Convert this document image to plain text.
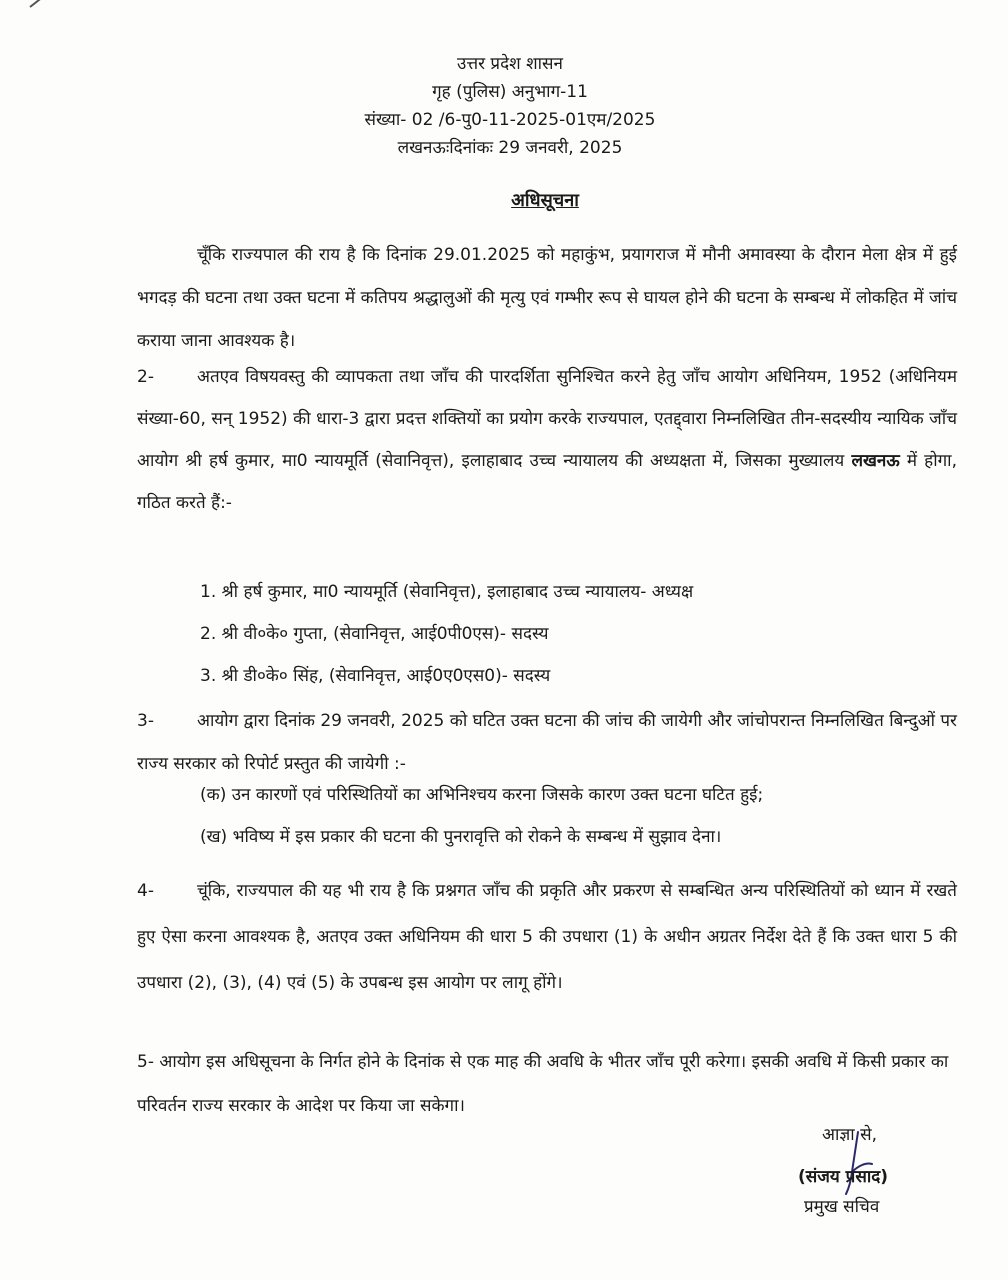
उत्तर प्रदेश शासन
गृह (पुलिस) अनुभाग-11
संख्या- 02 /6-पु0-11-2025-01एम/2025
लखनऊःदिनांकः 29 जनवरी, 2025
अधिसूचना
चूँकि राज्यपाल की राय है कि दिनांक 29.01.2025 को महाकुंभ, प्रयागराज में मौनी अमावस्या के दौरान मेला क्षेत्र में हुई भगदड़ की घटना तथा उक्त घटना में कतिपय श्रद्धालुओं की मृत्यु एवं गम्भीर रूप से घायल होने की घटना के सम्बन्ध में लोकहित में जांच कराया जाना आवश्यक है।
2-	अतएव विषयवस्तु की व्यापकता तथा जाँच की पारदर्शिता सुनिश्चित करने हेतु जाँच आयोग अधिनियम, 1952 (अधिनियम संख्या-60, सन् 1952) की धारा-3 द्वारा प्रदत्त शक्तियों का प्रयोग करके राज्यपाल, एतद्द्वारा निम्नलिखित तीन-सदस्यीय न्यायिक जाँच आयोग श्री हर्ष कुमार, मा0 न्यायमूर्ति (सेवानिवृत्त), इलाहाबाद उच्च न्यायालय की अध्यक्षता में, जिसका मुख्यालय लखनऊ में होगा, गठित करते हैं:-
1. श्री हर्ष कुमार, मा0 न्यायमूर्ति (सेवानिवृत्त), इलाहाबाद उच्च न्यायालय- अध्यक्ष
2. श्री वी०के० गुप्ता, (सेवानिवृत्त, आई0पी0एस)- सदस्य
3. श्री डी०के० सिंह, (सेवानिवृत्त, आई0ए0एस0)- सदस्य
3-	आयोग द्वारा दिनांक 29 जनवरी, 2025 को घटित उक्त घटना की जांच की जायेगी और जांचोपरान्त निम्नलिखित बिन्दुओं पर राज्य सरकार को रिपोर्ट प्रस्तुत की जायेगी :-
(क) उन कारणों एवं परिस्थितियों का अभिनिश्चय करना जिसके कारण उक्त घटना घटित हुई;
(ख) भविष्य में इस प्रकार की घटना की पुनरावृत्ति को रोकने के सम्बन्ध में सुझाव देना।
4-	चूंकि, राज्यपाल की यह भी राय है कि प्रश्नगत जाँच की प्रकृति और प्रकरण से सम्बन्धित अन्य परिस्थितियों को ध्यान में रखते हुए ऐसा करना आवश्यक है, अतएव उक्त अधिनियम की धारा 5 की उपधारा (1) के अधीन अग्रतर निर्देश देते हैं कि उक्त धारा 5 की उपधारा (2), (3), (4) एवं (5) के उपबन्ध इस आयोग पर लागू होंगे।
5- आयोग इस अधिसूचना के निर्गत होने के दिनांक से एक माह की अवधि के भीतर जाँच पूरी करेगा। इसकी अवधि में किसी प्रकार का परिवर्तन राज्य सरकार के आदेश पर किया जा सकेगा।
आज्ञा से,
(संजय प्रसाद)
प्रमुख सचिव
